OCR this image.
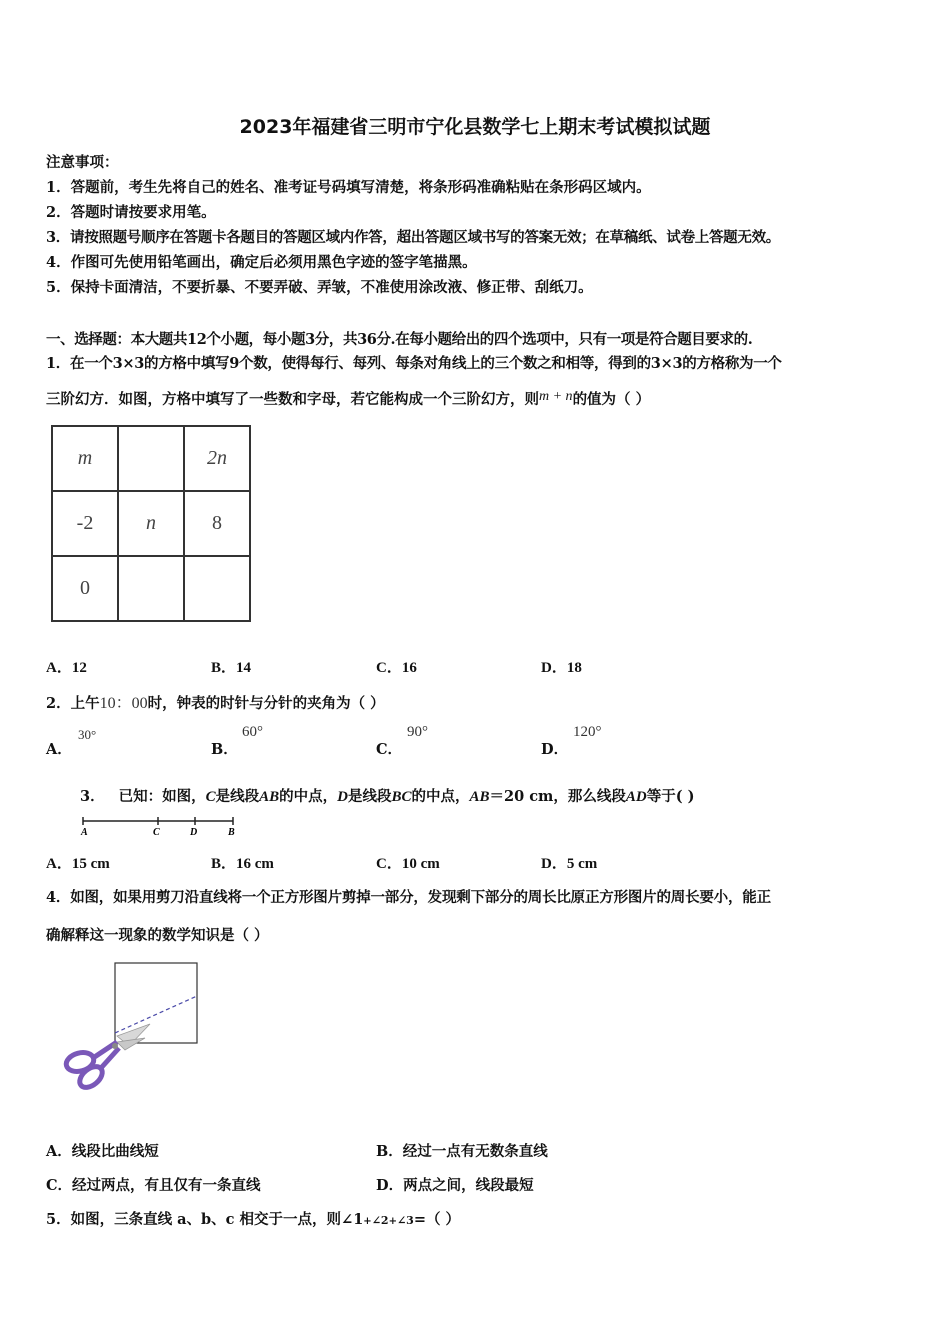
2023年福建省三明市宁化县数学七上期末考试模拟试题
注意事项：
1．答题前，考生先将自己的姓名、准考证号码填写清楚，将条形码准确粘贴在条形码区域内。
2．答题时请按要求用笔。
3．请按照题号顺序在答题卡各题目的答题区域内作答，超出答题区域书写的答案无效；在草稿纸、试卷上答题无效。
4．作图可先使用铅笔画出，确定后必须用黑色字迹的签字笔描黑。
5．保持卡面清洁，不要折暴、不要弄破、弄皱，不准使用涂改液、修正带、刮纸刀。
一、选择题：本大题共12个小题，每小题3分，共36分.在每小题给出的四个选项中，只有一项是符合题目要求的.
1．在一个3×3的方格中填写9个数，使得每行、每列、每条对角线上的三个数之和相等，得到的3×3的方格称为一个
三阶幻方．如图，方格中填写了一些数和字母，若它能构成一个三阶幻方，则m + n的值为（ ）
m		2n
-2	n	8
0		
A．12	B．14	C．16	D．18
2．上午10：00时，钟表的时针与分针的夹角为（ ）
A．
30°
B．
60°
C．
90°
D．
120°
3． 已知：如图，C是线段AB的中点，D是线段BC的中点，AB＝20 cm，那么线段AD等于( )
A	C	D	B
A．15 cm	B．16 cm	C．10 cm	D．5 cm
4．如图，如果用剪刀沿直线将一个正方形图片剪掉一部分，发现剩下部分的周长比原正方形图片的周长要小，能正
确解释这一现象的数学知识是（ ）
A．线段比曲线短	B．经过一点有无数条直线
C．经过两点，有且仅有一条直线	D．两点之间，线段最短
5．如图，三条直线 a、b、c 相交于一点，则∠1+∠2+∠3=（ ）
